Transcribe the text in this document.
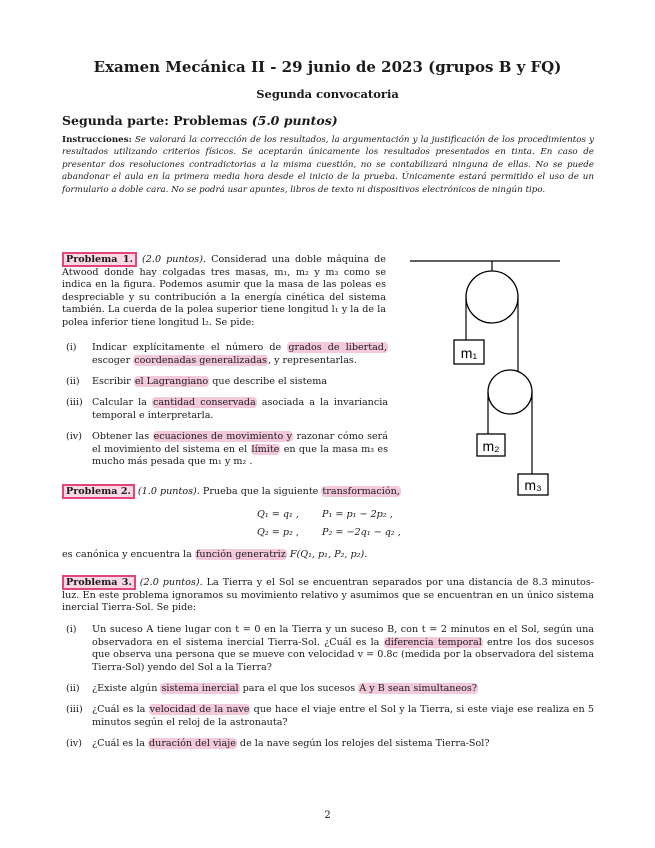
Examen Mecánica II - 29 junio de 2023 (grupos B y FQ)
Segunda convocatoria
Segunda parte: Problemas (5.0 puntos)
Instrucciones: Se valorará la corrección de los resultados, la argumentación y la justificación de los procedimientos y resultados utilizando criterios físicos. Se aceptarán únicamente los resultados presentados en tinta. En caso de presentar dos resoluciones contradictorias a la misma cuestión, no se contabilizará ninguna de ellas. No se puede abandonar el aula en la primera media hora desde el inicio de la prueba. Únicamente estará permitido el uso de un formulario a doble cara. No se podrá usar apuntes, libros de texto ni dispositivos electrónicos de ningún tipo.
Problema 1. (2.0 puntos). Considerad una doble máquina de Atwood donde hay colgadas tres masas, m₁, m₂ y m₃ como se indica en la figura. Podemos asumir que la masa de las poleas es despreciable y su contribución a la energía cinética del sistema también. La cuerda de la polea superior tiene longitud l₁ y la de la polea inferior tiene longitud l₂. Se pide:
(i) Indicar explícitamente el número de grados de libertad, escoger coordenadas generalizadas, y representarlas.
(ii) Escribir el Lagrangiano que describe el sistema
(iii) Calcular la cantidad conservada asociada a la invariancia temporal e interpretarla.
(iv) Obtener las ecuaciones de movimiento y razonar cómo será el movimiento del sistema en el límite en que la masa m₃ es mucho más pesada que m₁ y m₂ .
m₁
m₂
m₃
Problema 2. (1.0 puntos). Prueba que la siguiente transformación,
Q₁ = q₁ , P₁ = p₁ − 2p₂ ,
Q₂ = p₂ , P₂ = −2q₁ − q₂ ,
es canónica y encuentra la función generatriz F(Q₁, p₁, P₂, p₂).
Problema 3. (2.0 puntos). La Tierra y el Sol se encuentran separados por una distancia de 8.3 minutos-luz. En este problema ignoramos su movimiento relativo y asumimos que se encuentran en un único sistema inercial Tierra-Sol. Se pide:
(i) Un suceso A tiene lugar con t = 0 en la Tierra y un suceso B, con t = 2 minutos en el Sol, según una observadora en el sistema inercial Tierra-Sol. ¿Cuál es la diferencia temporal entre los dos sucesos que observa una persona que se mueve con velocidad v = 0.8c (medida por la observadora del sistema Tierra-Sol) yendo del Sol a la Tierra?
(ii) ¿Existe algún sistema inercial para el que los sucesos A y B sean simultaneos?
(iii) ¿Cuál es la velocidad de la nave que hace el viaje entre el Sol y la Tierra, si este viaje ese realiza en 5 minutos según el reloj de la astronauta?
(iv) ¿Cuál es la duración del viaje de la nave según los relojes del sistema Tierra-Sol?
2
